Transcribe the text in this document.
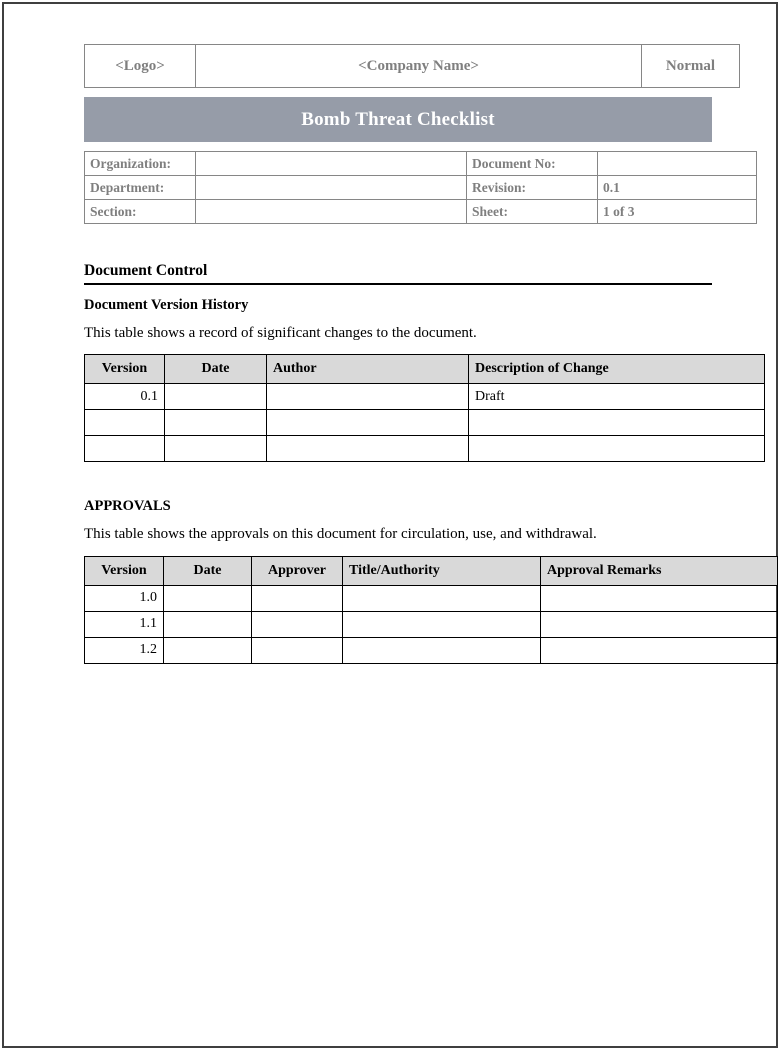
<Logo>	<Company Name>	Normal
Bomb Threat Checklist
Organization:		Document No:	
Department:		Revision:	0.1
Section:		Sheet:	1 of 3
Document Control
Document Version History
This table shows a record of significant changes to the document.
Version	Date	Author	Description of Change
0.1			Draft

APPROVALS
This table shows the approvals on this document for circulation, use, and withdrawal.
Version	Date	Approver	Title/Authority	Approval Remarks
1.0				
1.1				
1.2				
